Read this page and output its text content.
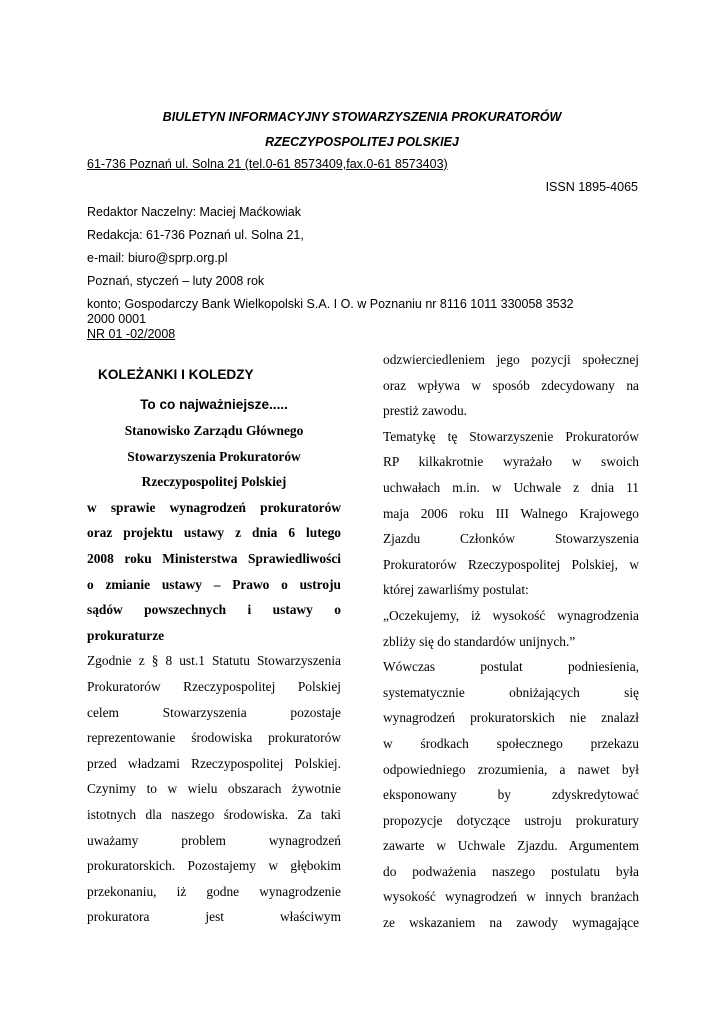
BIULETYN INFORMACYJNY STOWARZYSZENIA PROKURATORÓW
RZECZYPOSPOLITEJ POLSKIEJ
61-736 Poznań ul. Solna 21 (tel.0-61 8573409,fax.0-61 8573403)
ISSN 1895-4065
Redaktor Naczelny: Maciej Maćkowiak
Redakcja: 61-736 Poznań ul. Solna 21,
e-mail: biuro@sprp.org.pl
Poznań, styczeń – luty 2008 rok
konto; Gospodarczy Bank Wielkopolski S.A. I O. w Poznaniu nr 8116 1011 330058 3532
2000 0001
NR 01 -02/2008
KOLEŻANKI I KOLEDZY
To co najważniejsze.....

Stanowisko Zarządu Głównego

Stowarzyszenia Prokuratorów

Rzeczypospolitej Polskiej

w sprawie wynagrodzeń prokuratorów

oraz projektu ustawy z dnia 6 lutego

2008 roku Ministerstwa Sprawiedliwości

o zmianie ustawy – Prawo o ustroju

sądów powszechnych i ustawy o

prokuraturze

Zgodnie z § 8 ust.1 Statutu Stowarzyszenia

Prokuratorów Rzeczypospolitej Polskiej

celem Stowarzyszenia pozostaje

reprezentowanie środowiska prokuratorów

przed władzami Rzeczypospolitej Polskiej.

Czynimy to w wielu obszarach żywotnie

istotnych dla naszego środowiska. Za taki

uważamy problem wynagrodzeń

prokuratorskich. Pozostajemy w głębokim

przekonaniu, iż godne wynagrodzenie

prokuratora jest właściwym

odzwierciedleniem jego pozycji społecznej

oraz wpływa w sposób zdecydowany na

prestiż zawodu.

Tematykę tę Stowarzyszenie Prokuratorów

RP kilkakrotnie wyrażało w swoich

uchwałach m.in. w Uchwale z dnia 11

maja 2006 roku III Walnego Krajowego

Zjazdu Członków Stowarzyszenia

Prokuratorów Rzeczypospolitej Polskiej, w

której zawarliśmy postulat:

„Oczekujemy, iż wysokość wynagrodzenia

zbliży się do standardów unijnych.”

Wówczas postulat podniesienia,

systematycznie obniżających się

wynagrodzeń prokuratorskich nie znalazł

w środkach społecznego przekazu

odpowiedniego zrozumienia, a nawet był

eksponowany by zdyskredytować

propozycje dotyczące ustroju prokuratury

zawarte w Uchwale Zjazdu. Argumentem

do podważenia naszego postulatu była

wysokość wynagrodzeń w innych branżach

ze wskazaniem na zawody wymagające
